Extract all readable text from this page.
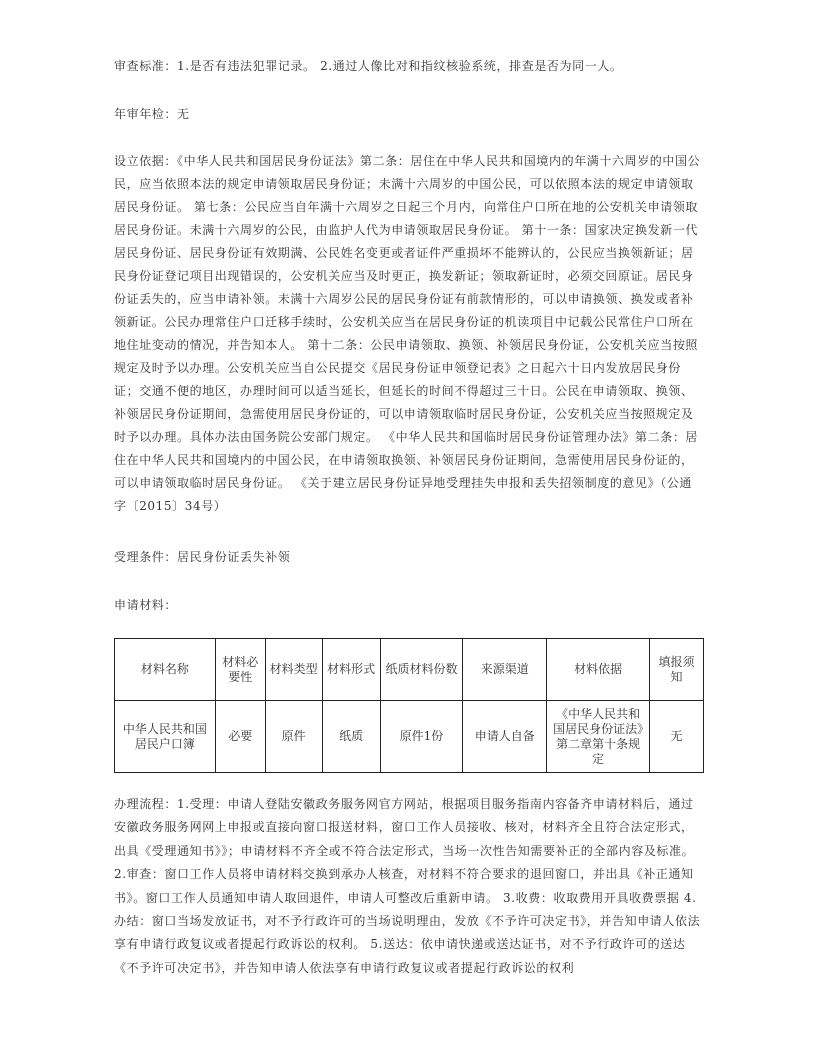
审查标准：1.是否有违法犯罪记录。 2.通过人像比对和指纹核验系统，排查是否为同一人。

年审年检：无

设立依据：《中华人民共和国居民身份证法》第二条：居住在中华人民共和国境内的年满十六周岁的中国公民，应当依照本法的规定申请领取居民身份证；未满十六周岁的中国公民，可以依照本法的规定申请领取居民身份证。 第七条：公民应当自年满十六周岁之日起三个月内，向常住户口所在地的公安机关申请领取居民身份证。未满十六周岁的公民，由监护人代为申请领取居民身份证。 第十一条：国家决定换发新一代居民身份证、居民身份证有效期满、公民姓名变更或者证件严重损坏不能辨认的，公民应当换领新证；居民身份证登记项目出现错误的，公安机关应当及时更正，换发新证；领取新证时，必须交回原证。居民身份证丢失的，应当申请补领。未满十六周岁公民的居民身份证有前款情形的，可以申请换领、换发或者补领新证。公民办理常住户口迁移手续时，公安机关应当在居民身份证的机读项目中记载公民常住户口所在地住址变动的情况，并告知本人。 第十二条：公民申请领取、换领、补领居民身份证，公安机关应当按照规定及时予以办理。公安机关应当自公民提交《居民身份证申领登记表》之日起六十日内发放居民身份证；交通不便的地区，办理时间可以适当延长，但延长的时间不得超过三十日。公民在申请领取、换领、补领居民身份证期间，急需使用居民身份证的，可以申请领取临时居民身份证，公安机关应当按照规定及时予以办理。具体办法由国务院公安部门规定。 《中华人民共和国临时居民身份证管理办法》第二条：居住在中华人民共和国境内的中国公民，在申请领取换领、补领居民身份证期间，急需使用居民身份证的，可以申请领取临时居民身份证。 《关于建立居民身份证异地受理挂失申报和丢失招领制度的意见》（公通字〔2015〕34号）

受理条件：居民身份证丢失补领

申请材料：

材料名称	材料必要性	材料类型	材料形式	纸质材料份数	来源渠道	材料依据	填报须知
中华人民共和国居民户口簿	必要	原件	纸质	原件1份	申请人自备	《中华人民共和国居民身份证法》第二章第十条规定	无

办理流程：1.受理：申请人登陆安徽政务服务网官方网站，根据项目服务指南内容备齐申请材料后，通过安徽政务服务网网上申报或直接向窗口报送材料，窗口工作人员接收、核对，材料齐全且符合法定形式，出具《受理通知书》》；申请材料不齐全或不符合法定形式，当场一次性告知需要补正的全部内容及标准。 2.审查：窗口工作人员将申请材料交换到承办人核查，对材料不符合要求的退回窗口，并出具《补正通知书》。窗口工作人员通知申请人取回退件，申请人可整改后重新申请。 3.收费：收取费用开具收费票据 4.办结：窗口当场发放证书，对不予行政许可的当场说明理由，发放《不予许可决定书》，并告知申请人依法享有申请行政复议或者提起行政诉讼的权利。 5.送达：依申请快递或送达证书，对不予行政许可的送达《不予许可决定书》，并告知申请人依法享有申请行政复议或者提起行政诉讼的权利
